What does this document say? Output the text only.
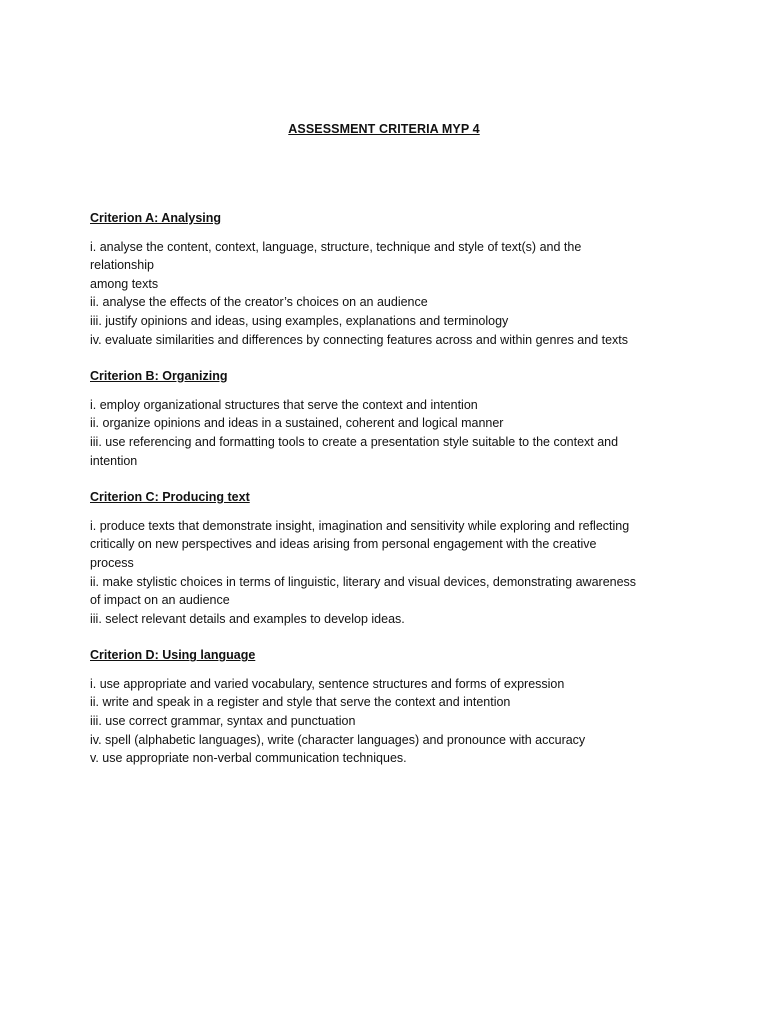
ASSESSMENT CRITERIA MYP 4
Criterion A: Analysing
i. analyse the content, context, language, structure, technique and style of text(s) and the
relationship
among texts
ii. analyse the effects of the creator’s choices on an audience
iii. justify opinions and ideas, using examples, explanations and terminology
iv. evaluate similarities and differences by connecting features across and within genres and texts
Criterion B: Organizing
i. employ organizational structures that serve the context and intention
ii. organize opinions and ideas in a sustained, coherent and logical manner
iii. use referencing and formatting tools to create a presentation style suitable to the context and
intention
Criterion C: Producing text
i. produce texts that demonstrate insight, imagination and sensitivity while exploring and reflecting
critically on new perspectives and ideas arising from personal engagement with the creative
process
ii. make stylistic choices in terms of linguistic, literary and visual devices, demonstrating awareness
of impact on an audience
iii. select relevant details and examples to develop ideas.
Criterion D: Using language
i. use appropriate and varied vocabulary, sentence structures and forms of expression
ii. write and speak in a register and style that serve the context and intention
iii. use correct grammar, syntax and punctuation
iv. spell (alphabetic languages), write (character languages) and pronounce with accuracy
v. use appropriate non-verbal communication techniques.
